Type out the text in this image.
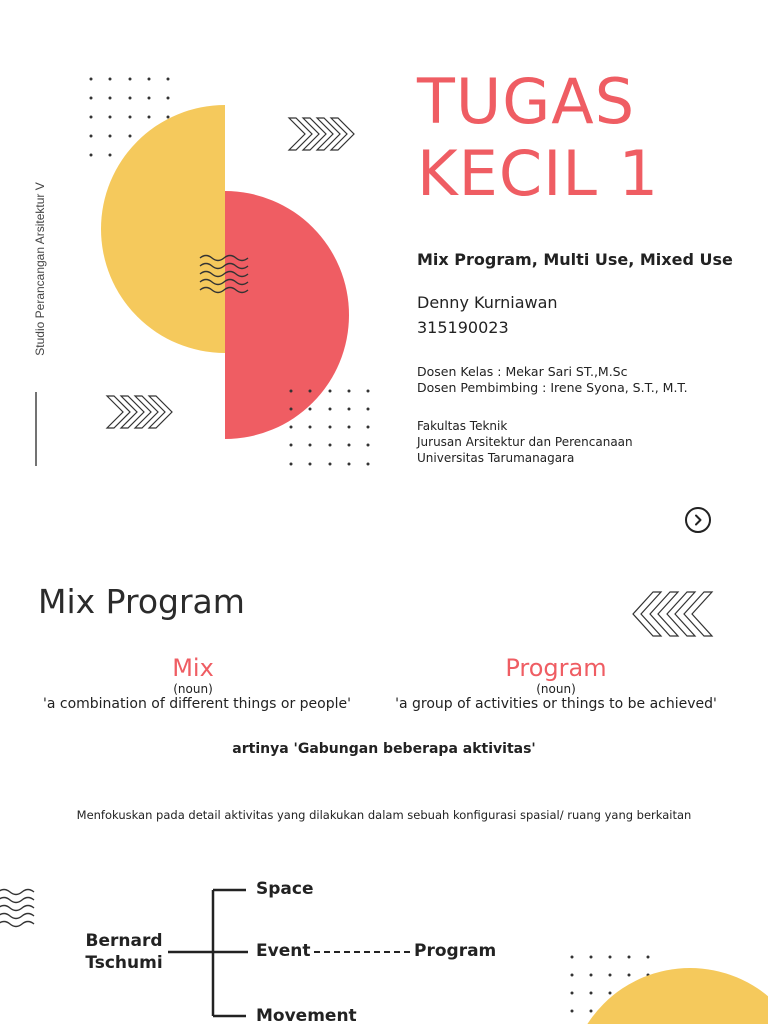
Studio Perancangan Arsitektur V
TUGAS
KECIL 1
Mix Program, Multi Use, Mixed Use
Denny Kurniawan
315190023
Dosen Kelas : Mekar Sari ST.,M.Sc
Dosen Pembimbing : Irene Syona, S.T., M.T.
Fakultas Teknik
Jurusan Arsitektur dan Perencanaan
Universitas Tarumanagara
Mix Program
Mix
(noun)
'a combination of different things or people'
Program
(noun)
'a group of activities or things to be achieved'
artinya 'Gabungan beberapa aktivitas'
Menfokuskan pada detail aktivitas yang dilakukan dalam sebuah konfigurasi spasial/ ruang yang berkaitan
Bernard
Tschumi
Space
Event
Movement
Program
